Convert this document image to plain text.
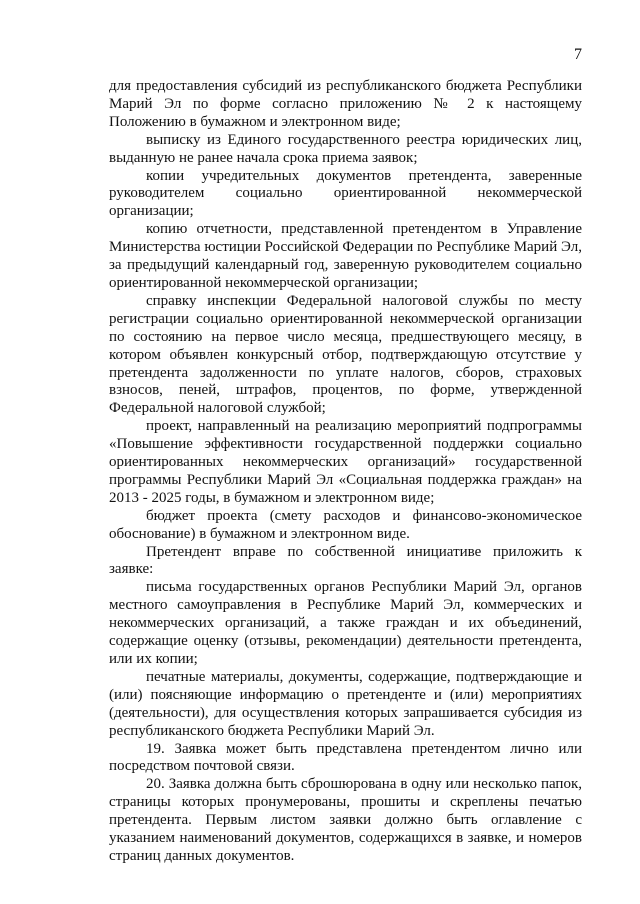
7

для предоставления субсидий из республиканского бюджета Республики Марий Эл по форме согласно приложению № 2 к настоящему Положению в бумажном и электронном виде;

выписку из Единого государственного реестра юридических лиц, выданную не ранее начала срока приема заявок;

копии учредительных документов претендента, заверенные руководителем социально ориентированной некоммерческой организации;

копию отчетности, представленной претендентом в Управление Министерства юстиции Российской Федерации по Республике Марий Эл, за предыдущий календарный год, заверенную руководителем социально ориентированной некоммерческой организации;

справку инспекции Федеральной налоговой службы по месту регистрации социально ориентированной некоммерческой организации по состоянию на первое число месяца, предшествующего месяцу, в котором объявлен конкурсный отбор, подтверждающую отсутствие у претендента задолженности по уплате налогов, сборов, страховых взносов, пеней, штрафов, процентов, по форме, утвержденной Федеральной налоговой службой;

проект, направленный на реализацию мероприятий подпрограммы «Повышение эффективности государственной поддержки социально ориентированных некоммерческих организаций» государственной программы Республики Марий Эл «Социальная поддержка граждан» на 2013 - 2025 годы, в бумажном и электронном виде;

бюджет проекта (смету расходов и финансово-экономическое обоснование) в бумажном и электронном виде.

Претендент вправе по собственной инициативе приложить к заявке:

письма государственных органов Республики Марий Эл, органов местного самоуправления в Республике Марий Эл, коммерческих и некоммерческих организаций, а также граждан и их объединений, содержащие оценку (отзывы, рекомендации) деятельности претендента, или их копии;

печатные материалы, документы, содержащие, подтверждающие и (или) поясняющие информацию о претенденте и (или) мероприятиях (деятельности), для осуществления которых запрашивается субсидия из республиканского бюджета Республики Марий Эл.

19. Заявка может быть представлена претендентом лично или посредством почтовой связи.

20. Заявка должна быть сброшюрована в одну или несколько папок, страницы которых пронумерованы, прошиты и скреплены печатью претендента. Первым листом заявки должно быть оглавление с указанием наименований документов, содержащихся в заявке, и номеров страниц данных документов.
